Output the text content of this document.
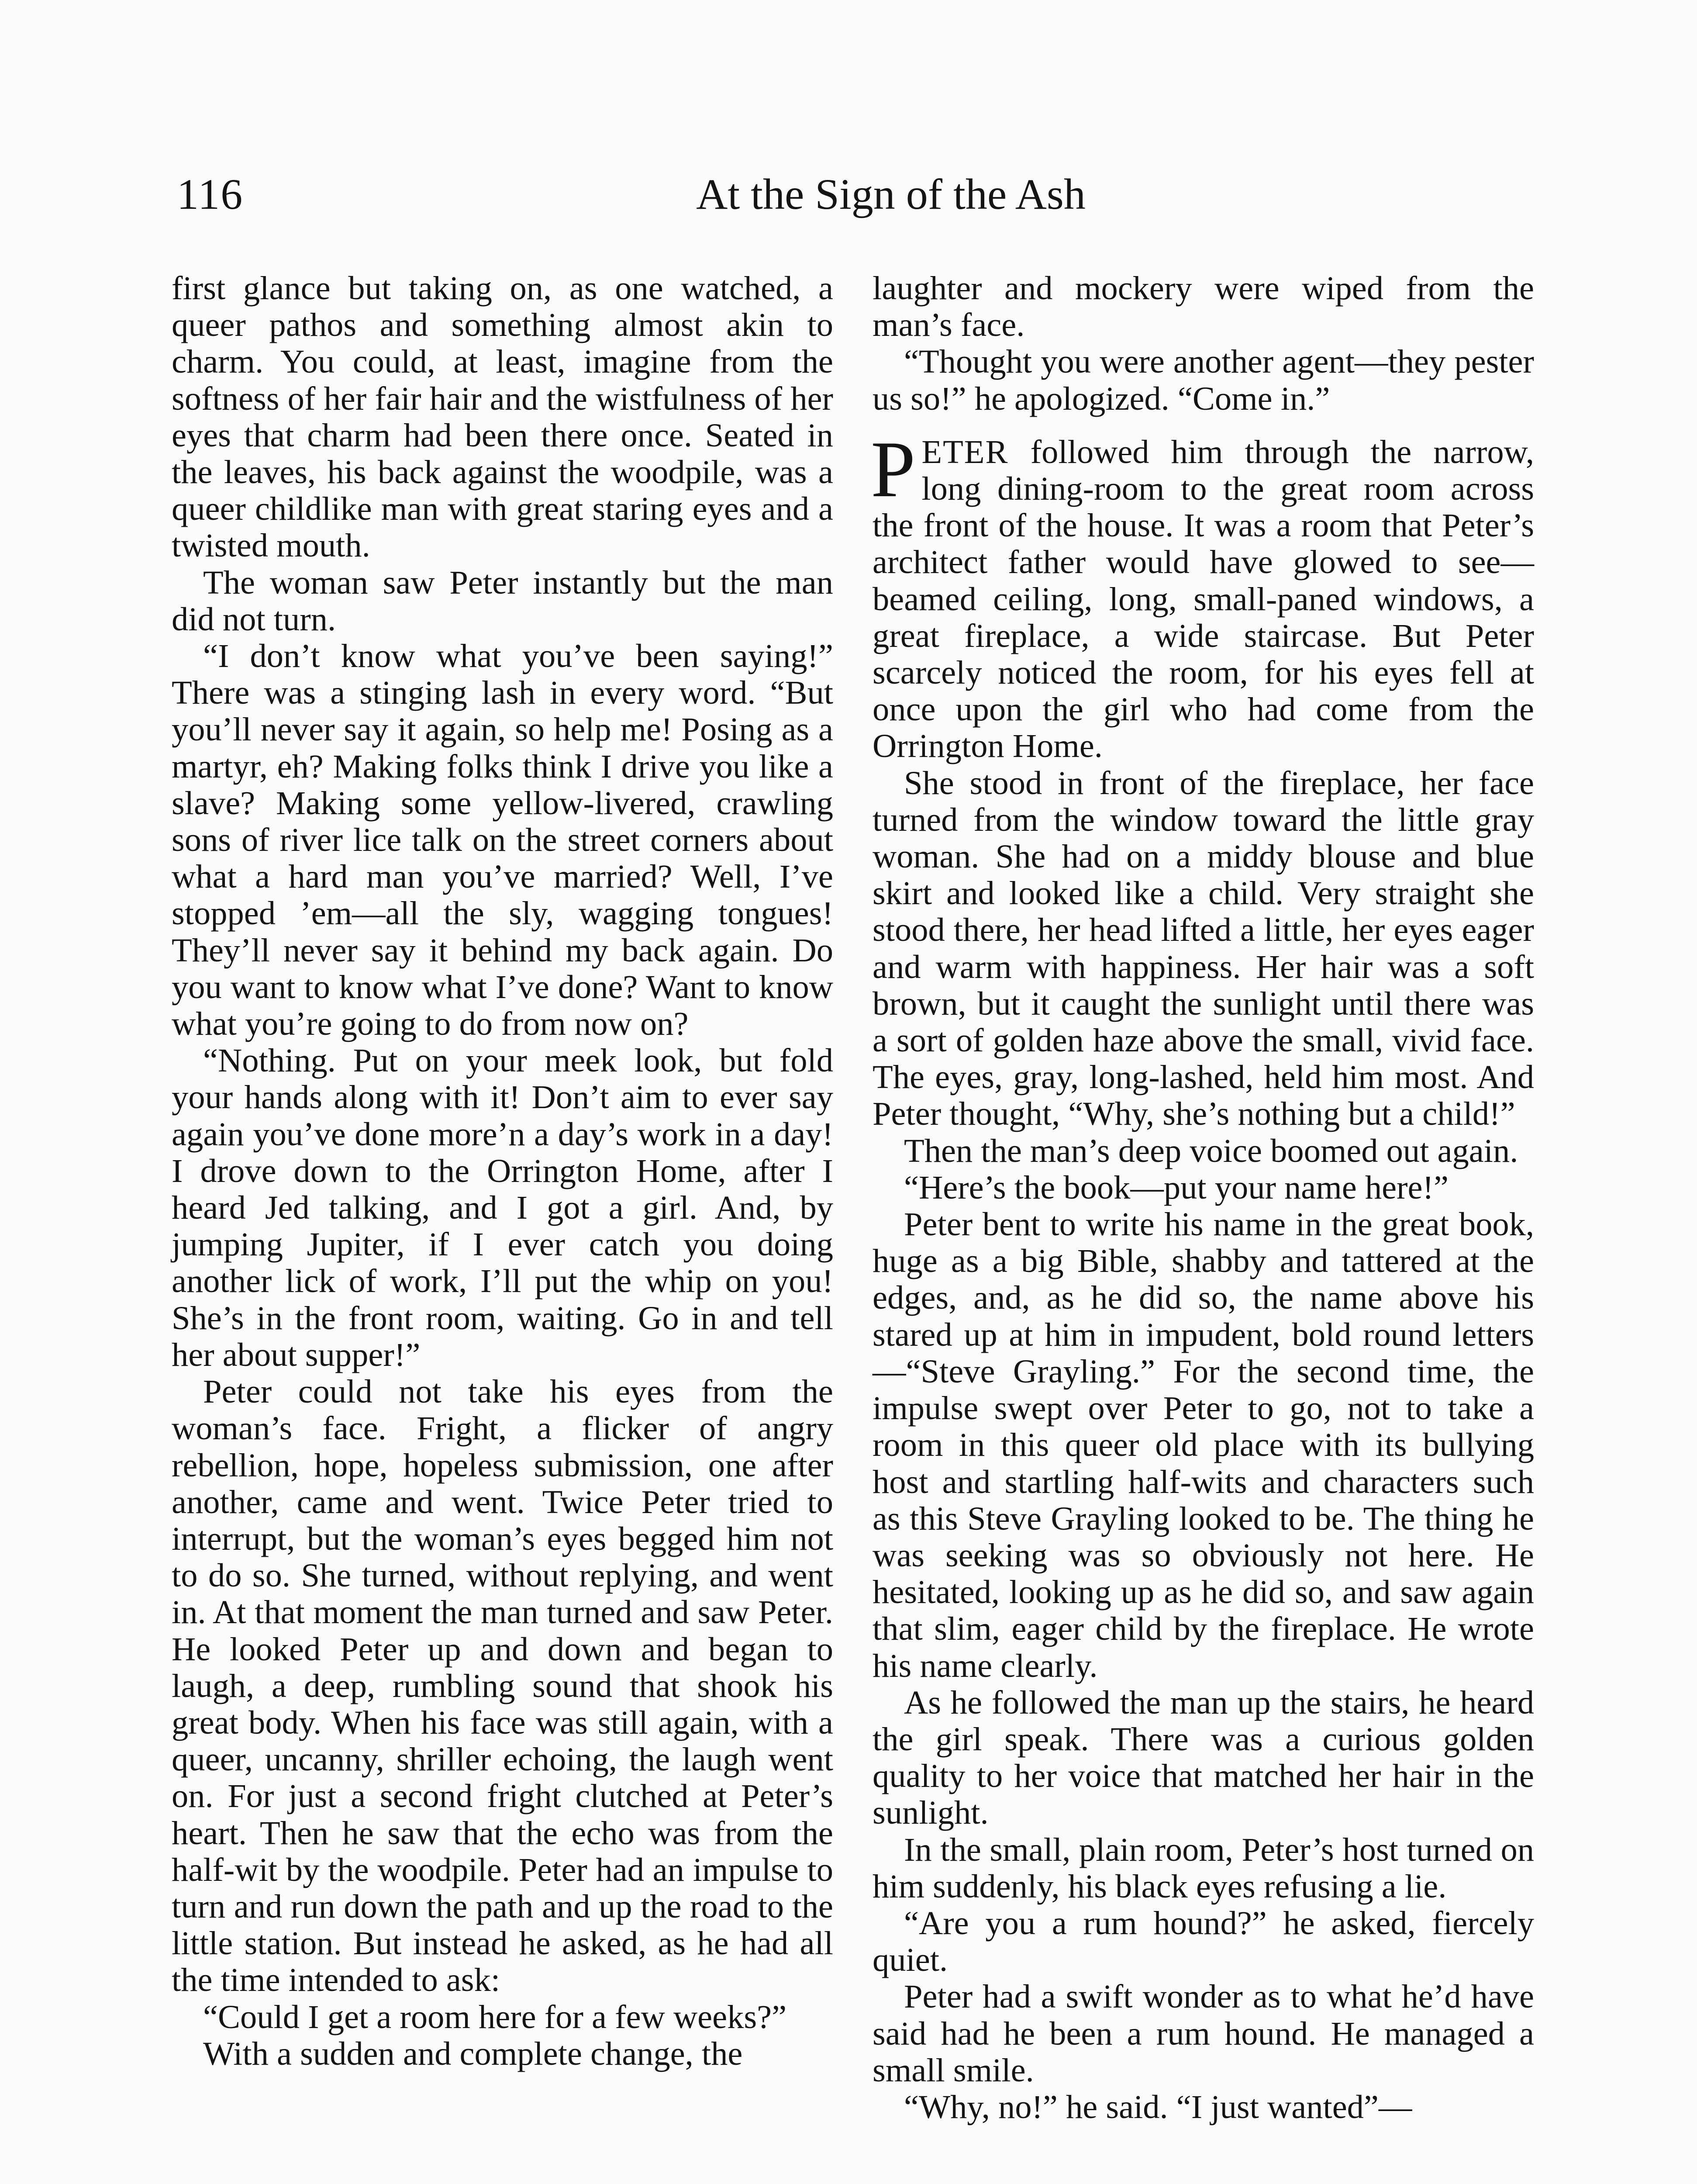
116	At the Sign of the Ash

first glance but taking on, as one watched, a queer pathos and something almost akin to charm. You could, at least, imagine from the softness of her fair hair and the wistfulness of her eyes that charm had been there once. Seated in the leaves, his back against the woodpile, was a queer childlike man with great staring eyes and a twisted mouth.

The woman saw Peter instantly but the man did not turn.

“I don’t know what you’ve been saying!” There was a stinging lash in every word. “But you’ll never say it again, so help me! Posing as a martyr, eh? Making folks think I drive you like a slave? Making some yellow-livered, crawling sons of river lice talk on the street corners about what a hard man you’ve married? Well, I’ve stopped ’em—all the sly, wagging tongues! They’ll never say it behind my back again. Do you want to know what I’ve done? Want to know what you’re going to do from now on?

“Nothing. Put on your meek look, but fold your hands along with it! Don’t aim to ever say again you’ve done more’n a day’s work in a day! I drove down to the Orrington Home, after I heard Jed talking, and I got a girl. And, by jumping Jupiter, if I ever catch you doing another lick of work, I’ll put the whip on you! She’s in the front room, waiting. Go in and tell her about supper!”

Peter could not take his eyes from the woman’s face. Fright, a flicker of angry rebellion, hope, hopeless submission, one after another, came and went. Twice Peter tried to interrupt, but the woman’s eyes begged him not to do so. She turned, without replying, and went in. At that moment the man turned and saw Peter. He looked Peter up and down and began to laugh, a deep, rumbling sound that shook his great body. When his face was still again, with a queer, uncanny, shriller echoing, the laugh went on. For just a second fright clutched at Peter’s heart. Then he saw that the echo was from the half-wit by the woodpile. Peter had an impulse to turn and run down the path and up the road to the little station. But instead he asked, as he had all the time intended to ask:

“Could I get a room here for a few weeks?”

With a sudden and complete change, the

laughter and mockery were wiped from the man’s face.

“Thought you were another agent—they pester us so!” he apologized. “Come in.”

PETER followed him through the narrow, long dining-room to the great room across the front of the house. It was a room that Peter’s architect father would have glowed to see—beamed ceiling, long, small-paned windows, a great fireplace, a wide staircase. But Peter scarcely noticed the room, for his eyes fell at once upon the girl who had come from the Orrington Home.

She stood in front of the fireplace, her face turned from the window toward the little gray woman. She had on a middy blouse and blue skirt and looked like a child. Very straight she stood there, her head lifted a little, her eyes eager and warm with happiness. Her hair was a soft brown, but it caught the sunlight until there was a sort of golden haze above the small, vivid face. The eyes, gray, long-lashed, held him most. And Peter thought, “Why, she’s nothing but a child!”

Then the man’s deep voice boomed out again.

“Here’s the book—put your name here!”

Peter bent to write his name in the great book, huge as a big Bible, shabby and tattered at the edges, and, as he did so, the name above his stared up at him in impudent, bold round letters—“Steve Grayling.” For the second time, the impulse swept over Peter to go, not to take a room in this queer old place with its bullying host and startling half-wits and characters such as this Steve Grayling looked to be. The thing he was seeking was so obviously not here. He hesitated, looking up as he did so, and saw again that slim, eager child by the fireplace. He wrote his name clearly.

As he followed the man up the stairs, he heard the girl speak. There was a curious golden quality to her voice that matched her hair in the sunlight.

In the small, plain room, Peter’s host turned on him suddenly, his black eyes refusing a lie.

“Are you a rum hound?” he asked, fiercely quiet.

Peter had a swift wonder as to what he’d have said had he been a rum hound. He managed a small smile.

“Why, no!” he said. “I just wanted”—
